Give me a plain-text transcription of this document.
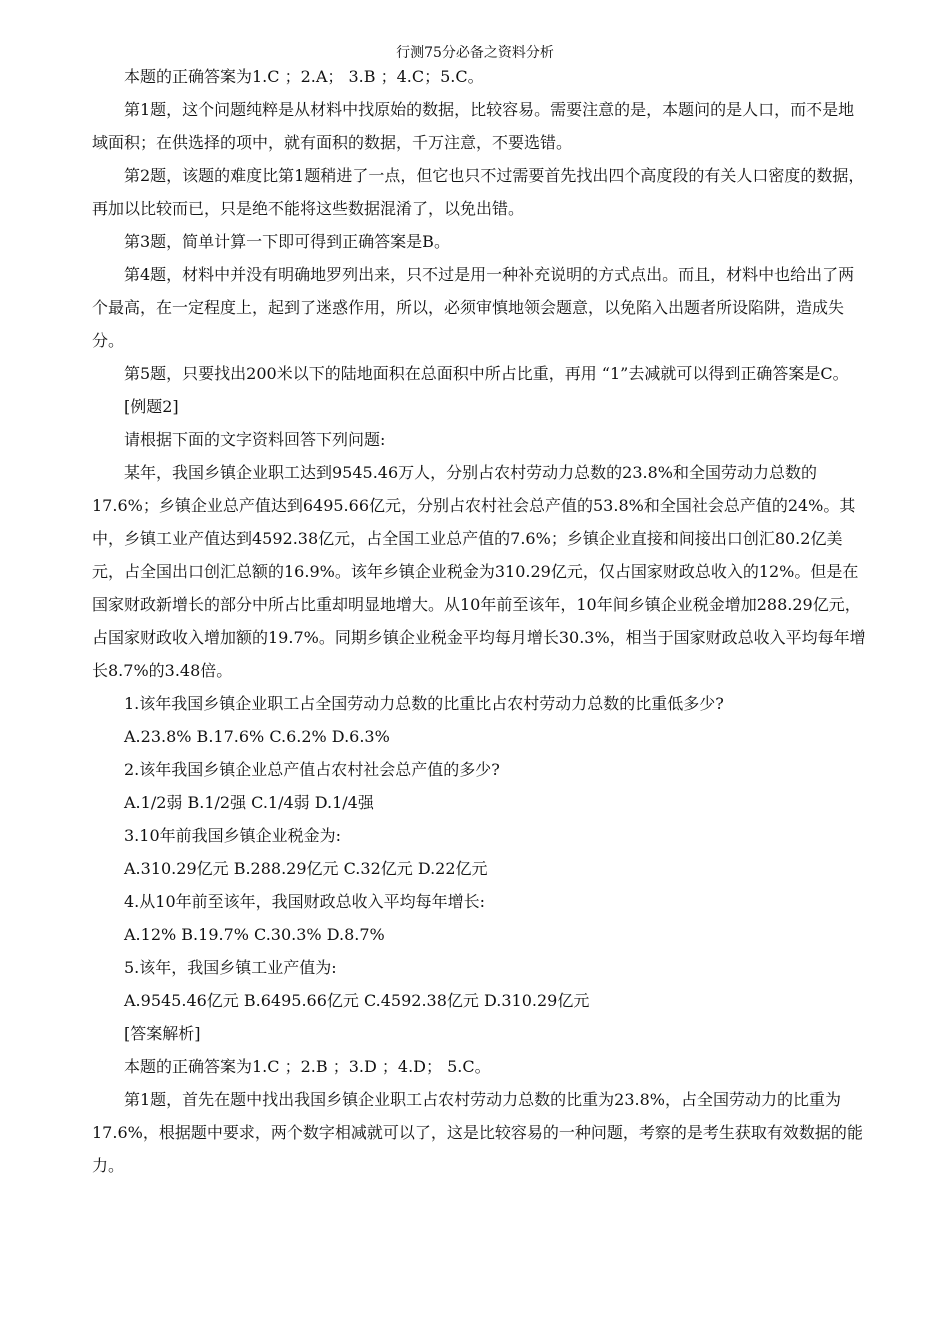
行测75分必备之资料分析

本题的正确答案为1.C ；2.A； 3.B ；4.C；5.C。

第1题，这个问题纯粹是从材料中找原始的数据，比较容易。需要注意的是，本题问的是人口，而不是地域面积；在供选择的项中，就有面积的数据，千万注意，不要选错。

第2题，该题的难度比第1题稍进了一点，但它也只不过需要首先找出四个高度段的有关人口密度的数据，再加以比较而已，只是绝不能将这些数据混淆了，以免出错。

第3题，简单计算一下即可得到正确答案是B。

第4题，材料中并没有明确地罗列出来，只不过是用一种补充说明的方式点出。而且，材料中也给出了两个最高，在一定程度上，起到了迷惑作用，所以，必须审慎地领会题意，以免陷入出题者所设陷阱，造成失分。

第5题，只要找出200米以下的陆地面积在总面积中所占比重，再用 “1”去减就可以得到正确答案是C。

[例题2]

请根据下面的文字资料回答下列问题:

某年，我国乡镇企业职工达到9545.46万人，分别占农村劳动力总数的23.8%和全国劳动力总数的17.6%；乡镇企业总产值达到6495.66亿元，分别占农村社会总产值的53.8%和全国社会总产值的24%。其中，乡镇工业产值达到4592.38亿元，占全国工业总产值的7.6%；乡镇企业直接和间接出口创汇80.2亿美元，占全国出口创汇总额的16.9%。该年乡镇企业税金为310.29亿元，仅占国家财政总收入的12%。但是在国家财政新增长的部分中所占比重却明显地增大。从10年前至该年，10年间乡镇企业税金增加288.29亿元，占国家财政收入增加额的19.7%。同期乡镇企业税金平均每月增长30.3%，相当于国家财政总收入平均每年增长8.7%的3.48倍。

1.该年我国乡镇企业职工占全国劳动力总数的比重比占农村劳动力总数的比重低多少?

A.23.8% B.17.6% C.6.2% D.6.3%

2.该年我国乡镇企业总产值占农村社会总产值的多少?

A.1/2弱 B.1/2强 C.1/4弱 D.1/4强

3.10年前我国乡镇企业税金为:

A.310.29亿元 B.288.29亿元 C.32亿元 D.22亿元

4.从10年前至该年，我国财政总收入平均每年增长:

A.12% B.19.7% C.30.3% D.8.7%

5.该年，我国乡镇工业产值为:

A.9545.46亿元 B.6495.66亿元 C.4592.38亿元 D.310.29亿元

[答案解析]

本题的正确答案为1.C ；2.B ；3.D ；4.D； 5.C。

第1题，首先在题中找出我国乡镇企业职工占农村劳动力总数的比重为23.8%，占全国劳动力的比重为17.6%，根据题中要求，两个数字相减就可以了，这是比较容易的一种问题，考察的是考生获取有效数据的能力。
